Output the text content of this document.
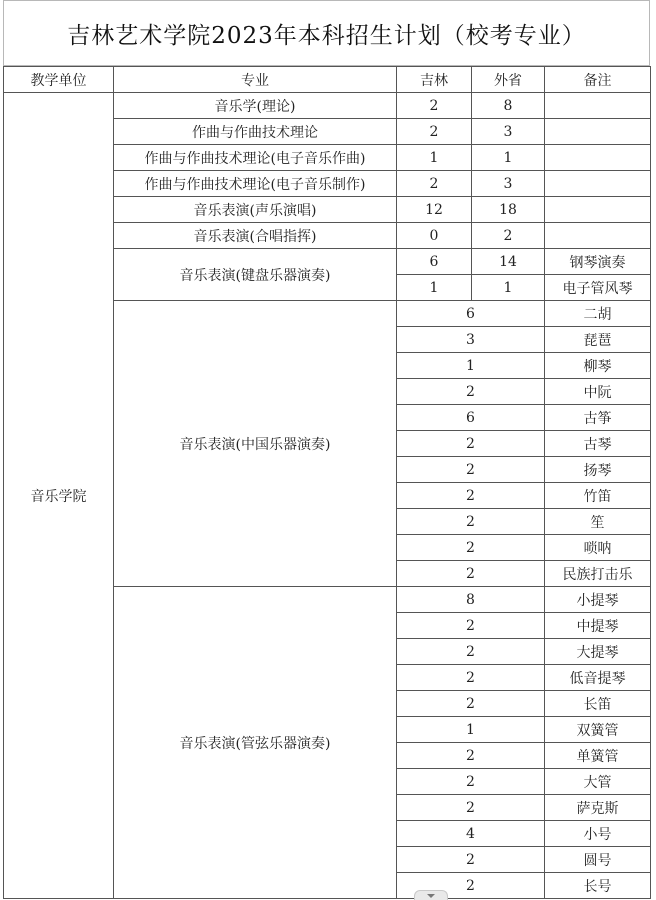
吉林艺术学院2023年本科招生计划（校考专业）
教学单位	专业	吉林	外省	备注
音乐学院	音乐学(理论)	2	8	
	作曲与作曲技术理论	2	3	
	作曲与作曲技术理论(电子音乐作曲)	1	1	
	作曲与作曲技术理论(电子音乐制作)	2	3	
	音乐表演(声乐演唱)	12	18	
	音乐表演(合唱指挥)	0	2	
	音乐表演(键盘乐器演奏)	6	14	钢琴演奏
		1	1	电子管风琴
	音乐表演(中国乐器演奏)	6		二胡
		3		琵琶
		1		柳琴
		2		中阮
		6		古筝
		2		古琴
		2		扬琴
		2		竹笛
		2		笙
		2		唢呐
		2		民族打击乐
	音乐表演(管弦乐器演奏)	8		小提琴
		2		中提琴
		2		大提琴
		2		低音提琴
		2		长笛
		1		双簧管
		2		单簧管
		2		大管
		2		萨克斯
		4		小号
		2		圆号
		2		长号
